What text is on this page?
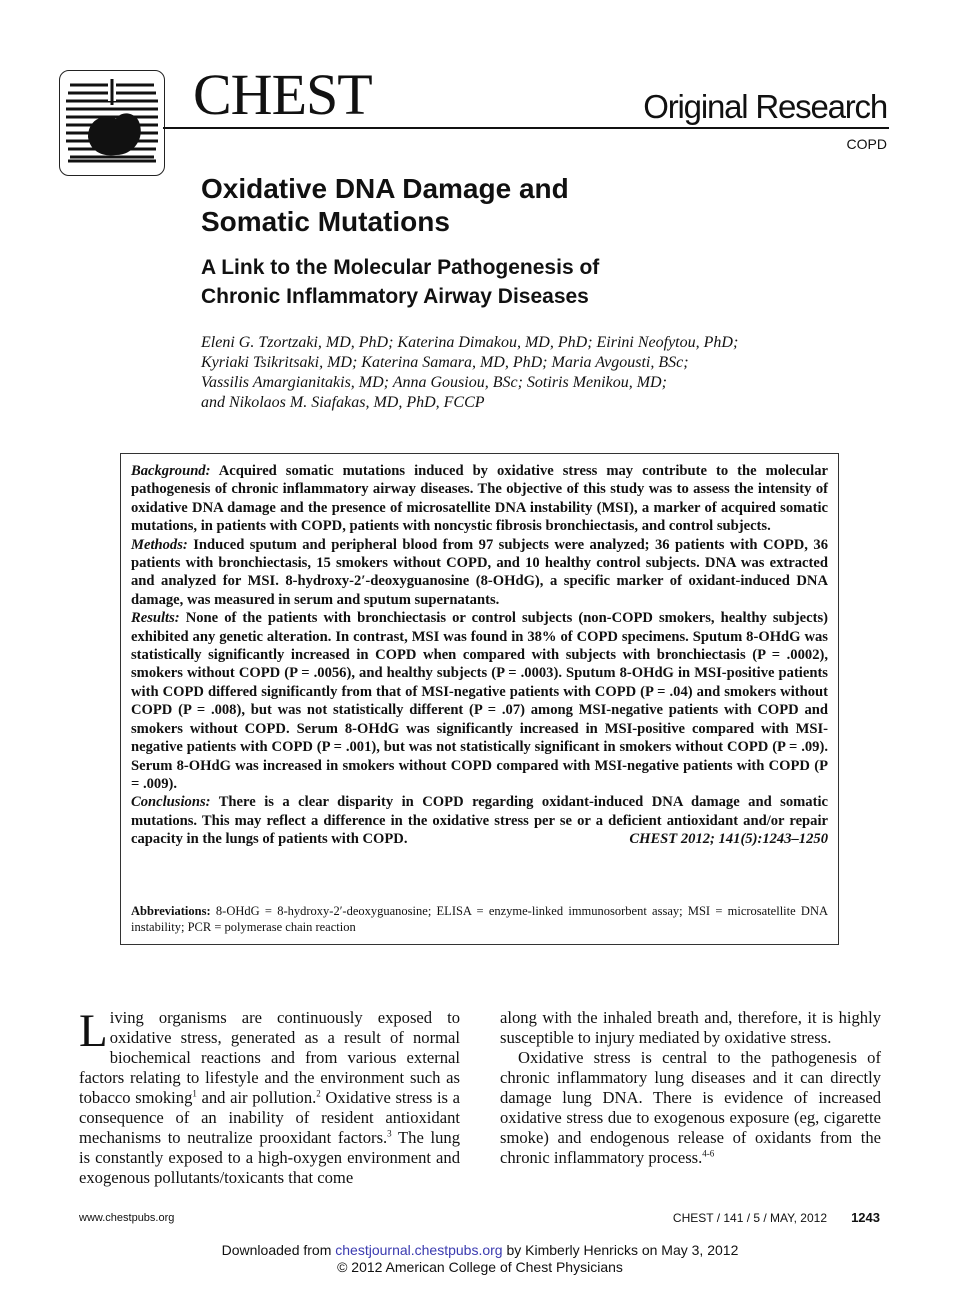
CHEST	Original Research
COPD
Oxidative DNA Damage and
Somatic Mutations
A Link to the Molecular Pathogenesis of
Chronic Inflammatory Airway Diseases
Eleni G. Tzortzaki, MD, PhD; Katerina Dimakou, MD, PhD; Eirini Neofytou, PhD;
Kyriaki Tsikritsaki, MD; Katerina Samara, MD, PhD; Maria Avgousti, BSc;
Vassilis Amargianitakis, MD; Anna Gousiou, BSc; Sotiris Menikou, MD;
and Nikolaos M. Siafakas, MD, PhD, FCCP

Background: Acquired somatic mutations induced by oxidative stress may contribute to the molecular pathogenesis of chronic inflammatory airway diseases. The objective of this study was to assess the intensity of oxidative DNA damage and the presence of microsatellite DNA instability (MSI), a marker of acquired somatic mutations, in patients with COPD, patients with noncystic fibrosis bronchiectasis, and control subjects.

Methods: Induced sputum and peripheral blood from 97 subjects were analyzed; 36 patients with COPD, 36 patients with bronchiectasis, 15 smokers without COPD, and 10 healthy control subjects. DNA was extracted and analyzed for MSI. 8-hydroxy-2′-deoxyguanosine (8-OHdG), a specific marker of oxidant-induced DNA damage, was measured in serum and sputum supernatants.

Results: None of the patients with bronchiectasis or control subjects (non-COPD smokers, healthy subjects) exhibited any genetic alteration. In contrast, MSI was found in 38% of COPD specimens. Sputum 8-OHdG was statistically significantly increased in COPD when compared with subjects with bronchiectasis (P = .0002), smokers without COPD (P = .0056), and healthy subjects (P = .0003). Sputum 8-OHdG in MSI-positive patients with COPD differed significantly from that of MSI-negative patients with COPD (P = .04) and smokers without COPD (P = .008), but was not statistically different (P = .07) among MSI-negative patients with COPD and smokers without COPD. Serum 8-OHdG was significantly increased in MSI-positive compared with MSI-negative patients with COPD (P = .001), but was not statistically significant in smokers without COPD (P = .09). Serum 8-OHdG was increased in smokers without COPD compared with MSI-negative patients with COPD (P = .009).

Conclusions: There is a clear disparity in COPD regarding oxidant-induced DNA damage and somatic mutations. This may reflect a difference in the oxidative stress per se or a deficient antioxidant and/or repair capacity in the lungs of patients with COPD.	CHEST 2012; 141(5):1243–1250

Abbreviations: 8-OHdG = 8-hydroxy-2′-deoxyguanosine; ELISA = enzyme-linked immunosorbent assay; MSI = microsatellite DNA instability; PCR = polymerase chain reaction

Living organisms are continuously exposed to oxidative stress, generated as a result of normal biochemical reactions and from various external factors relating to lifestyle and the environment such as tobacco smoking$^1$ and air pollution.$^2$ Oxidative stress is a consequence of an inability of resident antioxidant mechanisms to neutralize prooxidant factors.$^3$ The lung is constantly exposed to a high-oxygen environment and exogenous pollutants/toxicants that come

along with the inhaled breath and, therefore, it is highly susceptible to injury mediated by oxidative stress.

Oxidative stress is central to the pathogenesis of chronic inflammatory lung diseases and it can directly damage lung DNA. There is evidence of increased oxidative stress due to exogenous exposure (eg, cigarette smoke) and endogenous release of oxidants from the chronic inflammatory process.$^{4-6}$

www.chestpubs.org	CHEST / 141 / 5 / MAY, 2012 1243
Downloaded from chestjournal.chestpubs.org by Kimberly Henricks on May 3, 2012
© 2012 American College of Chest Physicians
